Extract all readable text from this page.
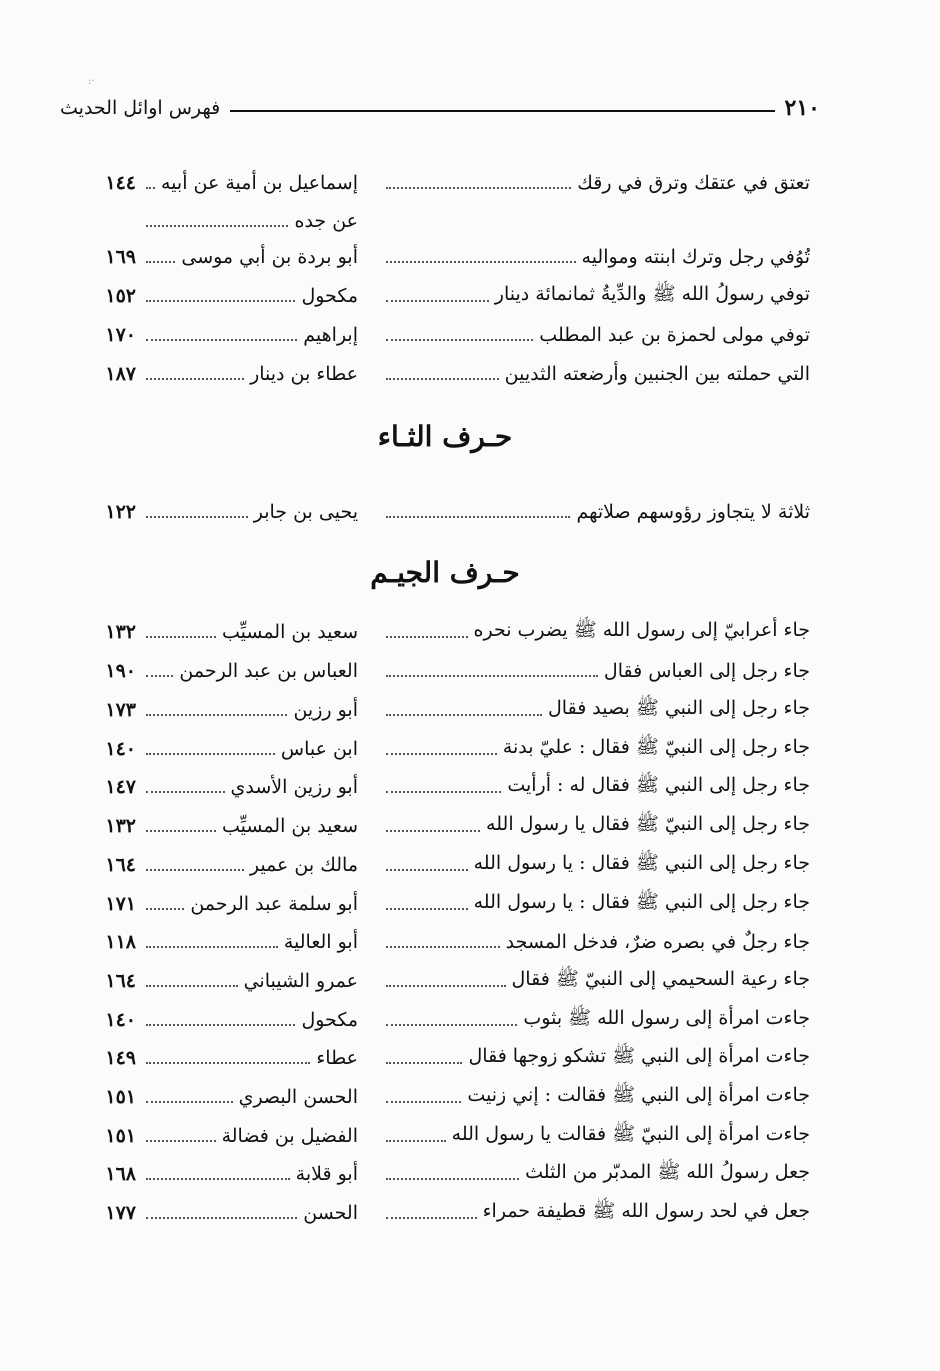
٢١٠
فهرس اوائل الحديث
تعتق في عتقك وترق في رقك
إسماعيل بن أمية عن أبيه
١٤٤
عن جده
تُوُفي رجل وترك ابنته ومواليه
أبو بردة بن أبي موسى
١٦٩
توفي رسولُ الله ﷺ والدِّيةُ ثمانمائة دينار
مكحول
١٥٢
توفي مولى لحمزة بن عبد المطلب
إبراهيم
١٧٠
التي حملته بين الجنبين وأرضعته الثديين
عطاء بن دينار
١٨٧
حـرف الثـاء
ثلاثة لا يتجاوز رؤوسهم صلاتهم
يحيى بن جابر
١٢٢
حـرف الجيـم
جاء أعرابيّ إلى رسول الله ﷺ يضرب نحره
سعيد بن المسيِّب
١٣٢
جاء رجل إلى العباس فقال
العباس بن عبد الرحمن
١٩٠
جاء رجل إلى النبي ﷺ بصيد فقال
أبو رزين
١٧٣
جاء رجل إلى النبيّ ﷺ فقال : عليّ بدنة
ابن عباس
١٤٠
جاء رجل إلى النبي ﷺ فقال له : أرأيت
أبو رزين الأسدي
١٤٧
جاء رجل إلى النبيّ ﷺ فقال يا رسول الله
سعيد بن المسيِّب
١٣٢
جاء رجل إلى النبي ﷺ فقال : يا رسول الله
مالك بن عمير
١٦٤
جاء رجل إلى النبي ﷺ فقال : يا رسول الله
أبو سلمة عبد الرحمن
١٧١
جاء رجلٌ في بصره ضرٌ، فدخل المسجد
أبو العالية
١١٨
جاء رعية السحيمي إلى النبيّ ﷺ فقال
عمرو الشيباني
١٦٤
جاءت امرأة إلى رسول الله ﷺ بثوب
مكحول
١٤٠
جاءت امرأة إلى النبي ﷺ تشكو زوجها فقال
عطاء
١٤٩
جاءت امرأة إلى النبي ﷺ فقالت : إني زنيت
الحسن البصري
١٥١
جاءت امرأة إلى النبيّ ﷺ فقالت يا رسول الله
الفضيل بن فضالة
١٥١
جعل رسولُ الله ﷺ المدبّر من الثلث
أبو قلابة
١٦٨
جعل في لحد رسول الله ﷺ قطيفة حمراء
الحسن
١٧٧
·:
